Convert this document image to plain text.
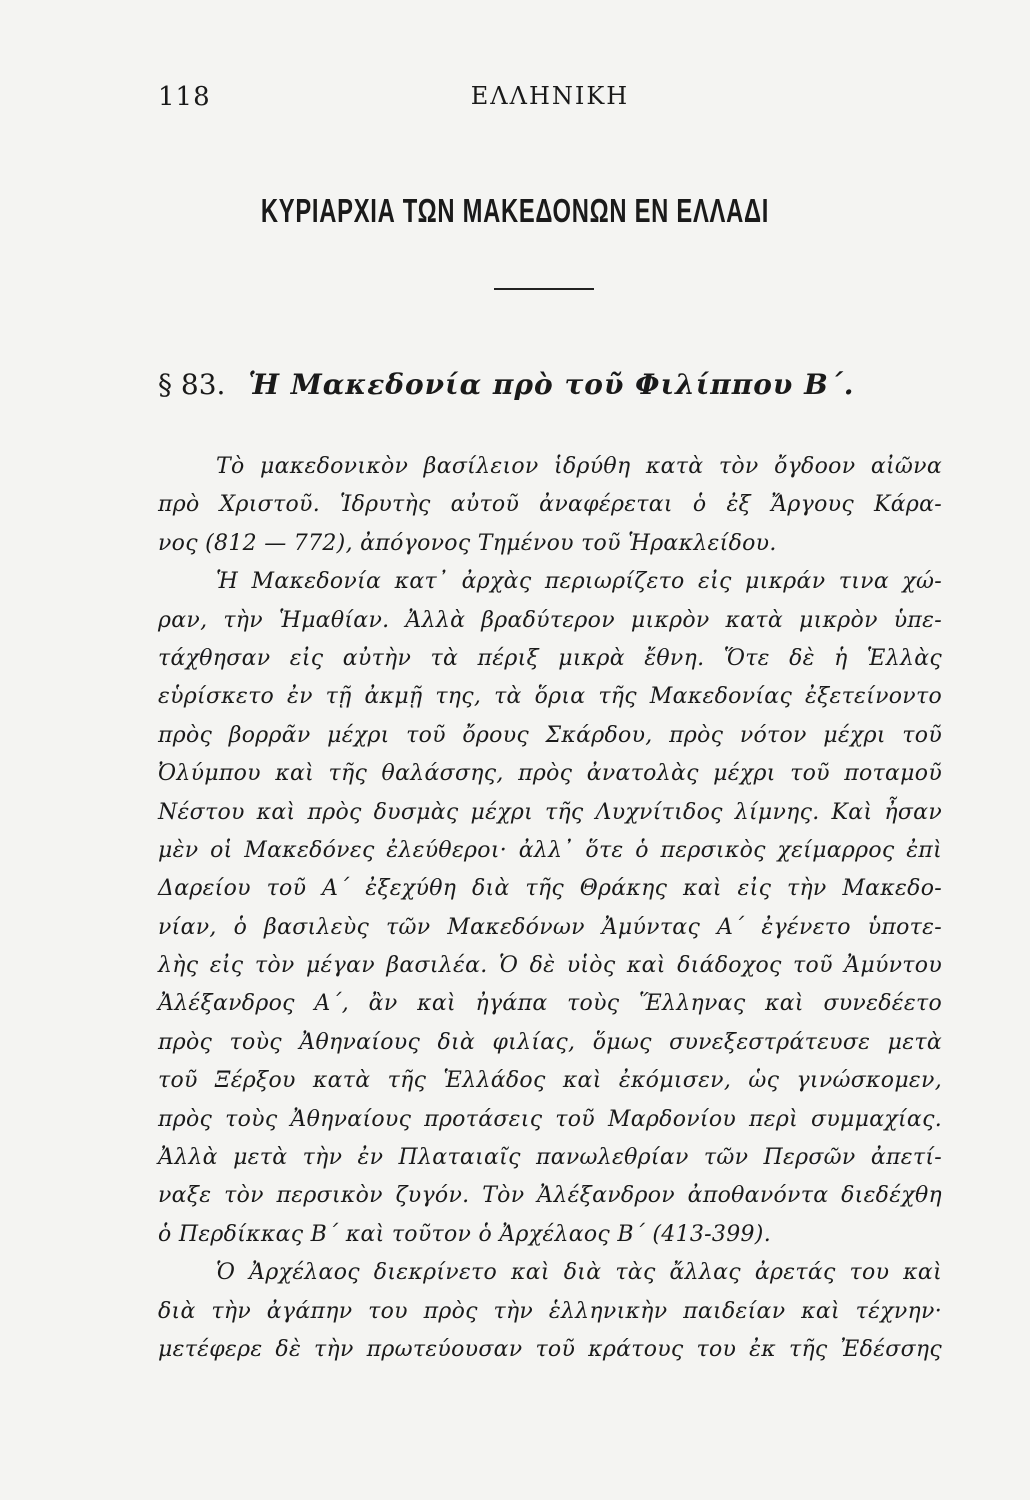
118	ΕΛΛΗΝΙΚΗ
ΚΥΡΙΑΡΧΙΑ ΤΩΝ ΜΑΚΕΔΟΝΩΝ ΕΝ ΕΛΛΑΔΙ
§ 83. Ἡ Μακεδονία πρὸ τοῦ Φιλίππου Β΄.
Τὸ μακεδονικὸν βασίλειον ἱδρύθη κατὰ τὸν ὄγδοον αἰῶνα
πρὸ Χριστοῦ. Ἱδρυτὴς αὐτοῦ ἀναφέρεται ὁ ἐξ Ἄργους Κάρα-
νος (812 — 772), ἀπόγονος Τημένου τοῦ Ἡρακλείδου.
Ἡ Μακεδονία κατ᾽ ἀρχὰς περιωρίζετο εἰς μικράν τινα χώ-
ραν, τὴν Ἡμαθίαν. Ἀλλὰ βραδύτερον μικρὸν κατὰ μικρὸν ὑπε-
τάχθησαν εἰς αὐτὴν τὰ πέριξ μικρὰ ἔθνη. Ὅτε δὲ ἡ Ἑλλὰς
εὑρίσκετο ἐν τῇ ἀκμῇ της, τὰ ὅρια τῆς Μακεδονίας ἐξετείνοντο
πρὸς βορρᾶν μέχρι τοῦ ὄρους Σκάρδου, πρὸς νότον μέχρι τοῦ
Ὀλύμπου καὶ τῆς θαλάσσης, πρὸς ἀνατολὰς μέχρι τοῦ ποταμοῦ
Νέστου καὶ πρὸς δυσμὰς μέχρι τῆς Λυχνίτιδος λίμνης. Καὶ ἦσαν
μὲν οἱ Μακεδόνες ἐλεύθεροι· ἀλλ᾽ ὅτε ὁ περσικὸς χείμαρρος ἐπὶ
Δαρείου τοῦ Α΄ ἐξεχύθη διὰ τῆς Θράκης καὶ εἰς τὴν Μακεδο-
νίαν, ὁ βασιλεὺς τῶν Μακεδόνων Ἀμύντας Α΄ ἐγένετο ὑποτε-
λὴς εἰς τὸν μέγαν βασιλέα. Ὁ δὲ υἱὸς καὶ διάδοχος τοῦ Ἀμύντου
Ἀλέξανδρος Α΄, ἂν καὶ ἠγάπα τοὺς Ἕλληνας καὶ συνεδέετο
πρὸς τοὺς Ἀθηναίους διὰ φιλίας, ὅμως συνεξεστράτευσε μετὰ
τοῦ Ξέρξου κατὰ τῆς Ἑλλάδος καὶ ἐκόμισεν, ὡς γινώσκομεν,
πρὸς τοὺς Ἀθηναίους προτάσεις τοῦ Μαρδονίου περὶ συμμαχίας.
Ἀλλὰ μετὰ τὴν ἐν Πλαταιαῖς πανωλεθρίαν τῶν Περσῶν ἀπετί-
ναξε τὸν περσικὸν ζυγόν. Τὸν Ἀλέξανδρον ἀποθανόντα διεδέχθη
ὁ Περδίκκας Β΄ καὶ τοῦτον ὁ Ἀρχέλαος Β΄ (413-399).
Ὁ Ἀρχέλαος διεκρίνετο καὶ διὰ τὰς ἄλλας ἀρετάς του καὶ
διὰ τὴν ἀγάπην του πρὸς τὴν ἑλληνικὴν παιδείαν καὶ τέχνην·
μετέφερε δὲ τὴν πρωτεύουσαν τοῦ κράτους του ἐκ τῆς Ἐδέσσης
